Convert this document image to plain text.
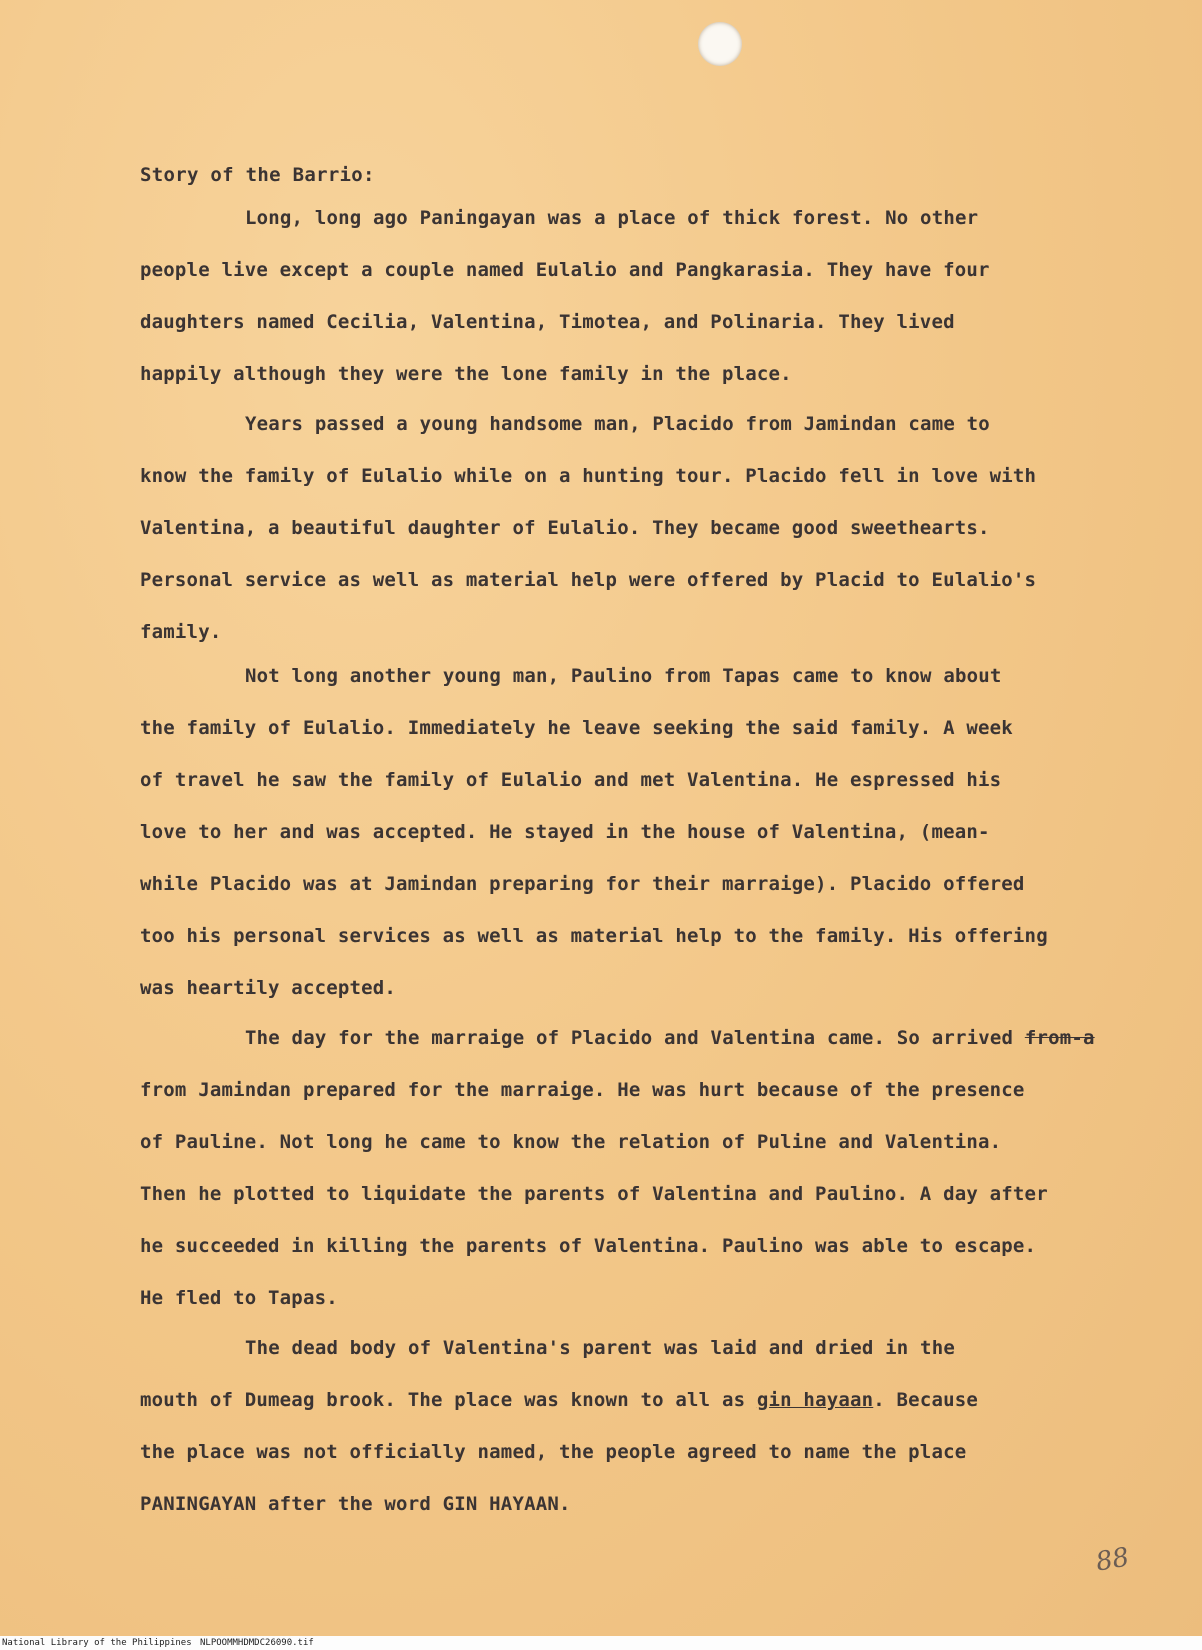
Story of the Barrio:
Long, long ago Paningayan was a place of thick forest. No other
people live except a couple named Eulalio and Pangkarasia. They have four
daughters named Cecilia, Valentina, Timotea, and Polinaria. They lived
happily although they were the lone family in the place.
Years passed a young handsome man, Placido from Jamindan came to
know the family of Eulalio while on a hunting tour. Placido fell in love with
Valentina, a beautiful daughter of Eulalio. They became good sweethearts.
Personal service as well as material help were offered by Placid to Eulalio's
family.
Not long another young man, Paulino from Tapas came to know about
the family of Eulalio. Immediately he leave seeking the said family. A week
of travel he saw the family of Eulalio and met Valentina. He espressed his
love to her and was accepted. He stayed in the house of Valentina, (mean-
while Placido was at Jamindan preparing for their marraige). Placido offered
too his personal services as well as material help to the family. His offering
was heartily accepted.
The day for the marraige of Placido and Valentina came. So arrived from-a
from Jamindan prepared for the marraige. He was hurt because of the presence
of Pauline. Not long he came to know the relation of Puline and Valentina.
Then he plotted to liquidate the parents of Valentina and Paulino. A day after
he succeeded in killing the parents of Valentina. Paulino was able to escape.
He fled to Tapas.
The dead body of Valentina's parent was laid and dried in the
mouth of Dumeag brook. The place was known to all as gin hayaan. Because
the place was not officially named, the people agreed to name the place
PANINGAYAN after the word GIN HAYAAN.
88
National Library of the Philippines NLPOOMMHDMDC26090.tif
